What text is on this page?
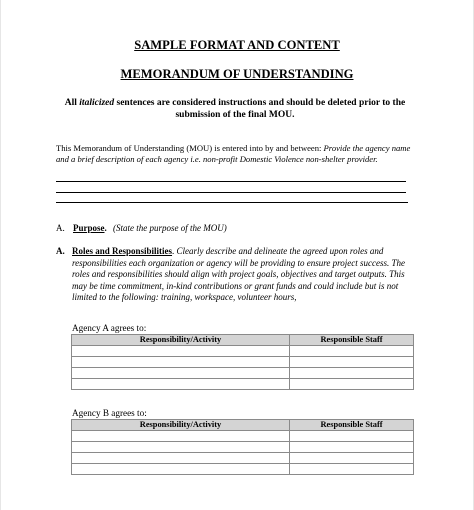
SAMPLE FORMAT AND CONTENT
MEMORANDUM OF UNDERSTANDING
All italicized sentences are considered instructions and should be deleted prior to the submission of the final MOU.
This Memorandum of Understanding (MOU) is entered into by and between: Provide the agency name and a brief description of each agency i.e. non-profit Domestic Violence non-shelter provider.
A. Purpose. (State the purpose of the MOU)
A. Roles and Responsibilities. Clearly describe and delineate the agreed upon roles and responsibilities each organization or agency will be providing to ensure project success. The roles and responsibilities should align with project goals, objectives and target outputs. This may be time commitment, in-kind contributions or grant funds and could include but is not limited to the following: training, workspace, volunteer hours,
Agency A agrees to:
Responsibility/Activity	Responsible Staff

Agency B agrees to:
Responsibility/Activity	Responsible Staff
